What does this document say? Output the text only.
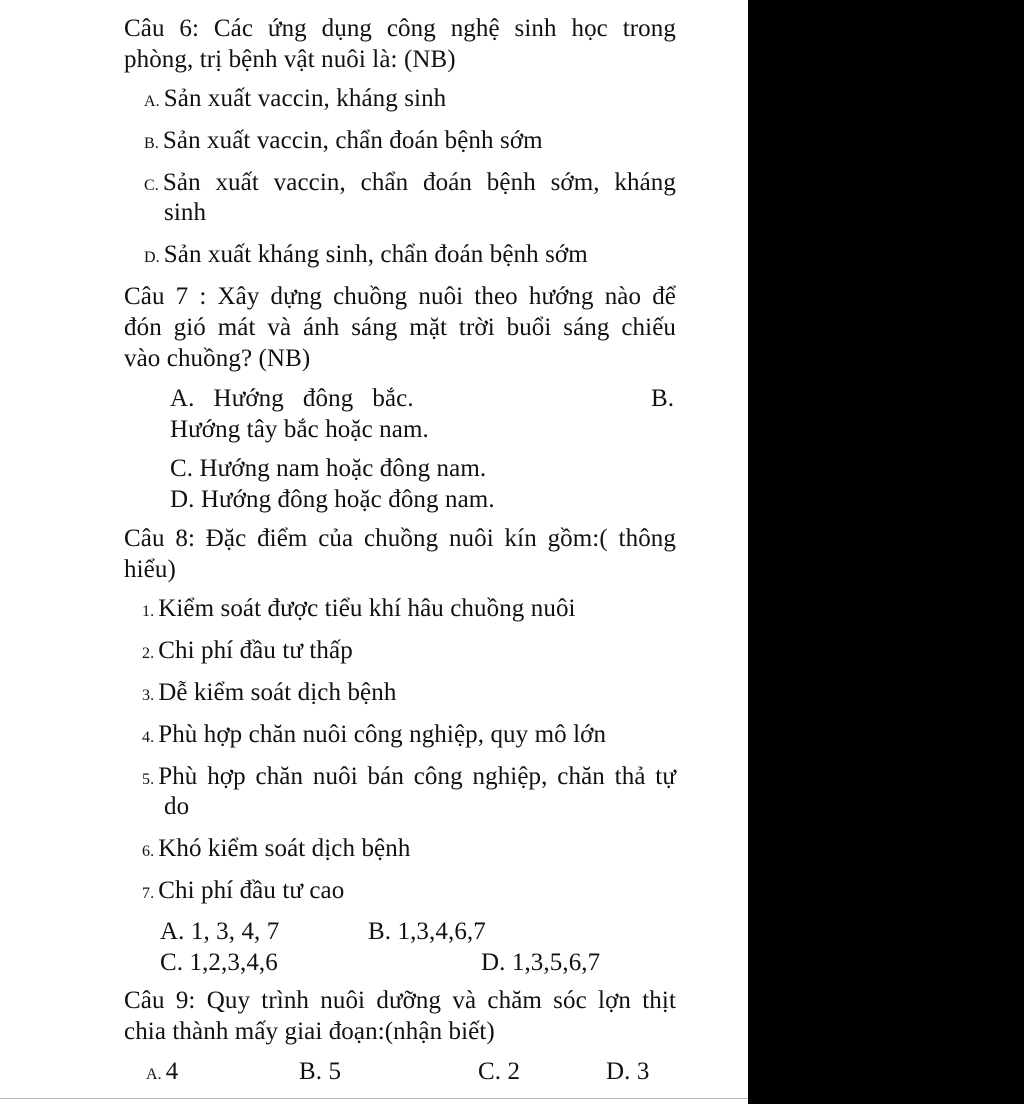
Câu 6: Các ứng dụng công nghệ sinh học trong
phòng, trị bệnh vật nuôi là: (NB)
A. Sản xuất vaccin, kháng sinh
B. Sản xuất vaccin, chẩn đoán bệnh sớm
C. Sản xuất vaccin, chẩn đoán bệnh sớm, kháng
sinh
D. Sản xuất kháng sinh, chẩn đoán bệnh sớm
Câu 7 : Xây dựng chuồng nuôi theo hướng nào để
đón gió mát và ánh sáng mặt trời buổi sáng chiếu
vào chuồng? (NB)
A.   Hướng   đông   bắc.	B.
Hướng tây bắc hoặc nam.
C. Hướng nam hoặc đông nam.
D. Hướng đông hoặc đông nam.
Câu 8: Đặc điểm của chuồng nuôi kín gồm:( thông
hiểu)
1. Kiểm soát được tiểu khí hâu chuồng nuôi
2. Chi phí đầu tư thấp
3. Dễ kiểm soát dịch bệnh
4. Phù hợp chăn nuôi công nghiệp, quy mô lớn
5. Phù hợp chăn nuôi bán công nghiệp, chăn thả tự
do
6. Khó kiểm soát dịch bệnh
7. Chi phí đầu tư cao
A. 1, 3, 4, 7	B. 1,3,4,6,7
C. 1,2,3,4,6	D. 1,3,5,6,7
Câu 9: Quy trình nuôi dưỡng và chăm sóc lợn thịt
chia thành mấy giai đoạn:(nhận biết)
A. 4	B. 5	C. 2	D. 3
